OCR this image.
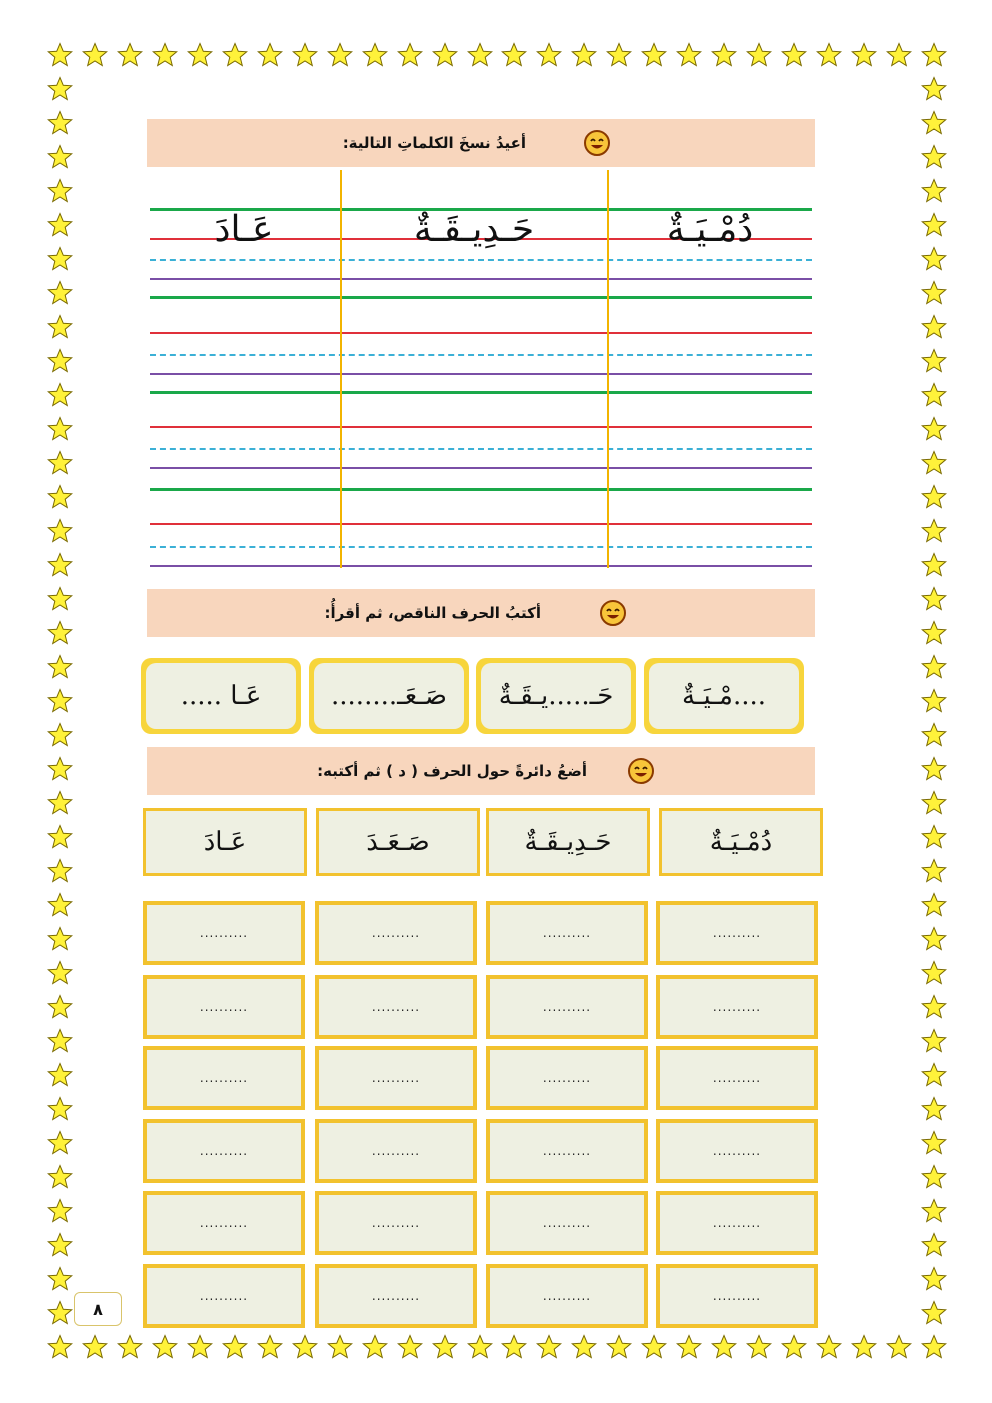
أعيدُ نسخَ الكلماتِ التالية:
دُمْـيَـةٌ
حَـدِيـقَـةٌ
عَـادَ
أكتبُ الحرف الناقص، ثم أقرأُ:
....مْـيَـةٌ
حَـ.....يـقَـةٌ
صَـعَـ........
عَـا .....
أضعُ دائرةً حول الحرف ( د ) ثم أكتبه:
دُمْـيَـةٌ
حَـدِيـقَـةٌ
صَـعَـدَ
عَـادَ
..........	..........	..........	..........
..........	..........	..........	..........
..........	..........	..........	..........
..........	..........	..........	..........
..........	..........	..........	..........
..........	..........	..........	..........
٨
